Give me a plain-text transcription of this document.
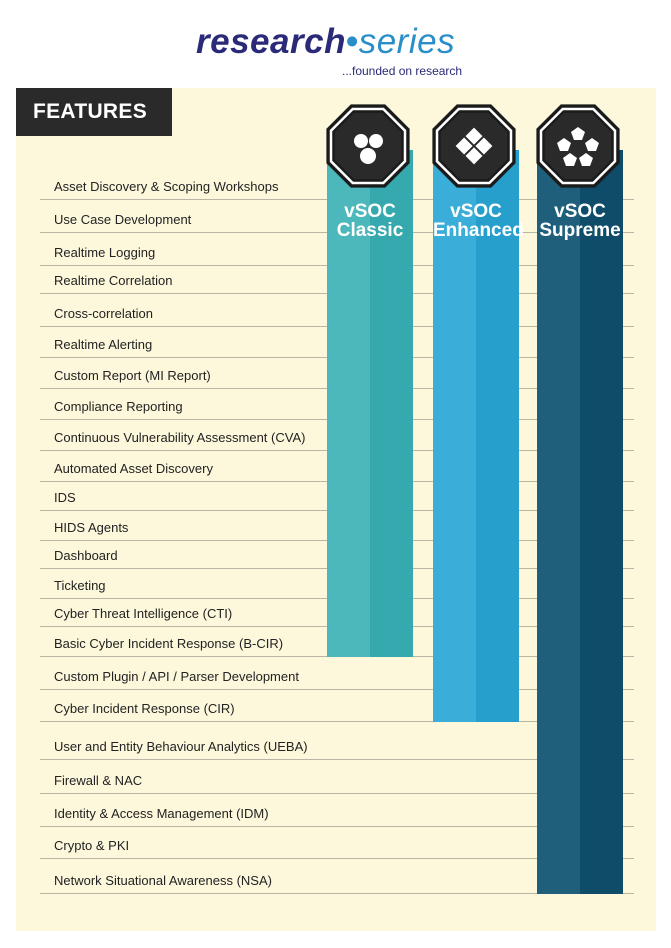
research•series
...founded on research
Asset Discovery & Scoping Workshops
Use Case Development
Realtime Logging
Realtime Correlation
Cross-correlation
Realtime Alerting
Custom Report (MI Report)
Compliance Reporting
Continuous Vulnerability Assessment (CVA)
Automated Asset Discovery
IDS
HIDS Agents
Dashboard
Ticketing
Cyber Threat Intelligence (CTI)
Basic Cyber Incident Response (B-CIR)
Custom Plugin / API / Parser Development
Cyber Incident Response (CIR)
User and Entity Behaviour Analytics (UEBA)
Firewall & NAC
Identity & Access Management (IDM)
Crypto & PKI
Network Situational Awareness (NSA)
vSOC
Classic
vSOC
Enhanced
vSOC
Supreme
FEATURES
